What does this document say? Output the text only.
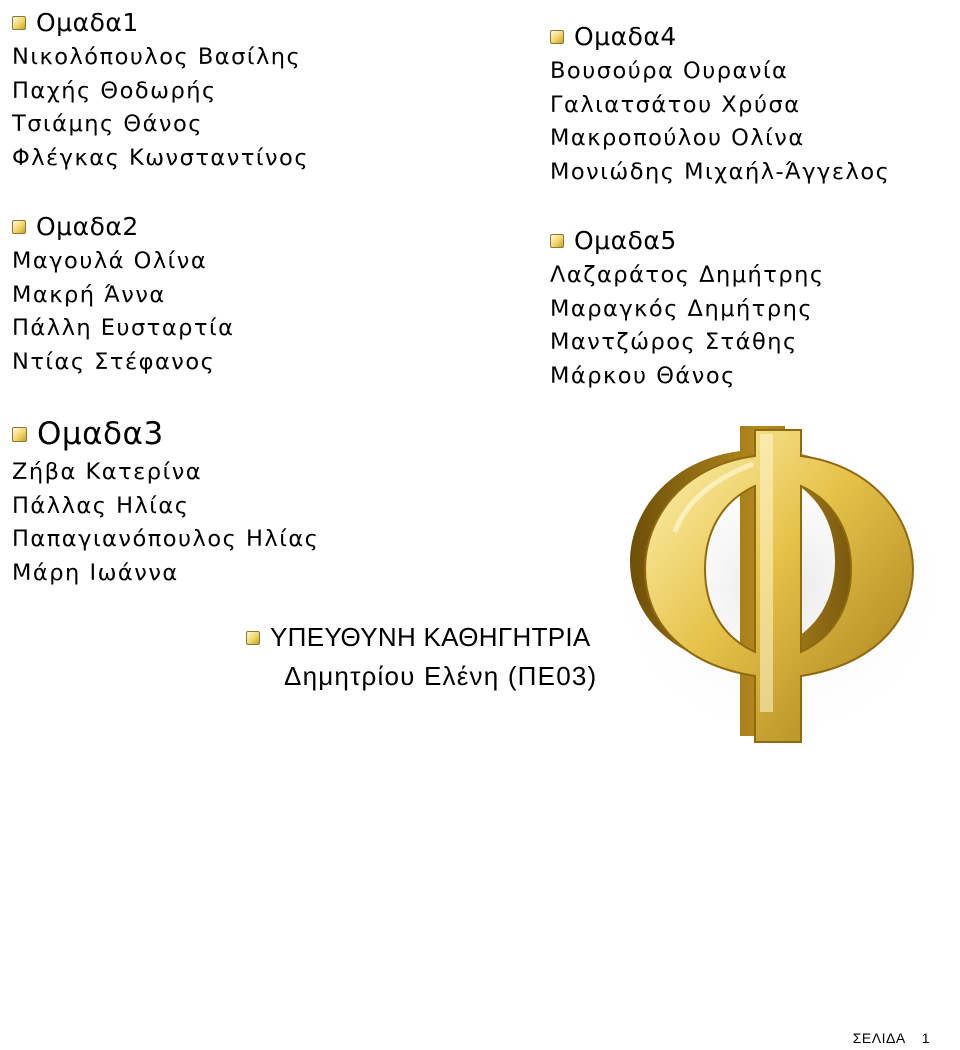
Ομαδα1
Νικολόπουλος Βασίλης
Παχής Θοδωρής
Τσιάμης Θάνος
Φλέγκας Κωνσταντίνος
Ομαδα2
Μαγουλά Ολίνα
Μακρή Άννα
Πάλλη Ευσταρτία
Ντίας Στέφανος
Ομαδα3
Ζήβα Κατερίνα
Πάλλας Ηλίας
Παπαγιανόπουλος Ηλίας
Μάρη Ιωάννα
Ομαδα4
Βουσούρα Ουρανία
Γαλιατσάτου Χρύσα
Μακροπούλου Ολίνα
Μονιώδης Μιχαήλ-Άγγελος
Ομαδα5
Λαζαράτος Δημήτρης
Μαραγκός Δημήτρης
Μαντζώρος Στάθης
Μάρκου Θάνος
ΥΠΕΥΘΥΝΗ ΚΑΘΗΓΗΤΡΙΑ
Δημητρίου Ελένη (ΠΕ03)
ΣΕΛΙΔΑ 1
